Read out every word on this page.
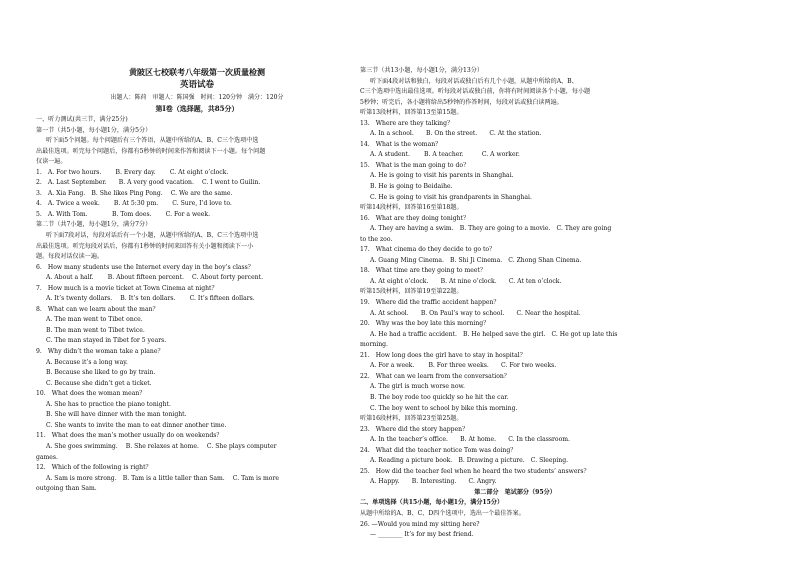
黄陂区七校联考八年级第一次质量检测
英语试卷
出题人：陈荷　审题人：陈国强　时间：120分钟　满分：120分
第Ⅰ卷（选择题，共85分）
一、听力测试(共三节，满分25分)
第一节（共5小题，每小题1分，满分5分）
听下面5个问题。每个问题后有三个答语，从题中所给的A、B、C三个选项中选
出最佳选项。听完每个问题后，你都有5秒钟的时间来作答和阅读下一小题。每个问题
仅读一遍。
1.　A. For two hours.　　 B. Every day.　　 C. At eight o’clock.
2.　A. Last September.　　B. A very good vacation.　 C. I went to Guilin.
3.　A. Xia Fang.　B. She likes Ping Pong.　 C. We are the same.
4.　A. Twice a week.　　 B. At 5:30 pm.　　 C. Sure, I’d love to.
5.　A. With Tom.　　　　B. Tom does.　　 C. For a week.
第二节（共7小题，每小题1分，满分7分）
听下面7段对话，每段对话后有一个小题，从题中所给的A、B、C三个选项中选
出最佳选项。听完每段对话后，你都有1秒钟的时间来回答有关小题和阅读下一小
题。每段对话仅读一遍。
6.　How many students use the Internet every day in the boy’s class？
A. About a half.　　 B. About fifteen percent.　 C. About forty percent.
7.　How much is a movie ticket at Town Cinema at night？
A. It’s twenty dollars.　 B. It’s ten dollars.　　 C. It’s fifteen dollars.
8.　What can we learn about the man？
A. The man went to Tibet once.
B. The man went to Tibet twice.
C. The man stayed in Tibet for 5 years.
9.　Why didn’t the woman take a plane？
A. Because it’s a long way.
B. Because she liked to go by train.
C. Because she didn’t get a ticket.
10.　What does the woman mean？
A. She has to practice the piano tonight.
B. She will have dinner with the man tonight.
C. She wants to invite the man to eat dinner another time.
11.　What does the man’s mother usually do on weekends？
A. She goes swimming.　 B. She relaxes at home.　 C. She plays computer
games.
12.　Which of the following is right？
A. Sam is more strong.　B. Tam is a little taller than Sam.　 C. Tam is more
outgoing than Sam.
第三节（共13小题，每小题1分，满分13分）
听下面4段对话和独白，每段对话或独白后有几个小题，从题中所给的A、B、
C三个选项中选出最佳选项。听每段对话或独白前，你将有时间阅读各个小题，每小题
5秒钟；听完后，各小题将给出5秒钟的作答时间，每段对话或独白读两遍。
听第13段材料，回答第13至第15题。
13.　Where are they talking？
A. In a school.　　B. On the street.　　C. At the station.
14.　What is the woman？
A. A student.　　 B. A teacher.　　　C. A worker.
15.　What is the man going to do？
A. He is going to visit his parents in Shanghai.
B. He is going to Beidaihe.
C. He is going to visit his grandparents in Shanghai.
听第14段材料，回答第16至第18题。
16.　What are they doing tonight？
A. They are having a swim.　B. They are going to a movie.　C. They are going
to the zoo.
17.　What cinema do they decide to go to？
A. Guang Ming Cinema.　B. Shi Ji Cinema.　C. Zhong Shan Cinema.
18.　What time are they going to meet？
A. At eight o’clock.　　B. At nine o’clock.　　C. At ten o’clock.
听第15段材料，回答第19至第22题。
19.　Where did the traffic accident happen？
A. At school.　　B. On Paul’s way to school.　　C. Near the hospital.
20.　Why was the boy late this morning？
A. He had a traffic accident.　B. He helped save the girl.　C. He got up late this
morning.
21.　How long does the girl have to stay in hospital？
A. For a week.　　 B. For three weeks.　　C. For two weeks.
22.　What can we learn from the conversation？
A. The girl is much worse now.
B. The boy rode too quickly so he hit the car.
C. The boy went to school by bike this morning.
听第16段材料，回答第23至第25题。
23.　Where did the story happen？
A. In the teacher’s office.　　B. At home.　　C. In the classroom.
24.　What did the teacher notice Tom was doing？
A. Reading a picture book.　B. Drawing a picture.　C. Sleeping.
25.　How did the teacher feel when he heard the two students’ answers？
A. Happy.　　B. Interesting.　　C. Angry.
第二部分　笔试部分（95分）
二、单项选择（共15小题，每小题1分，满分15分）
从题中所给的A、B、C、D四个选项中，选出一个最佳答案。
26. —Would you mind my sitting here?
— ________ It’s for my best friend.
